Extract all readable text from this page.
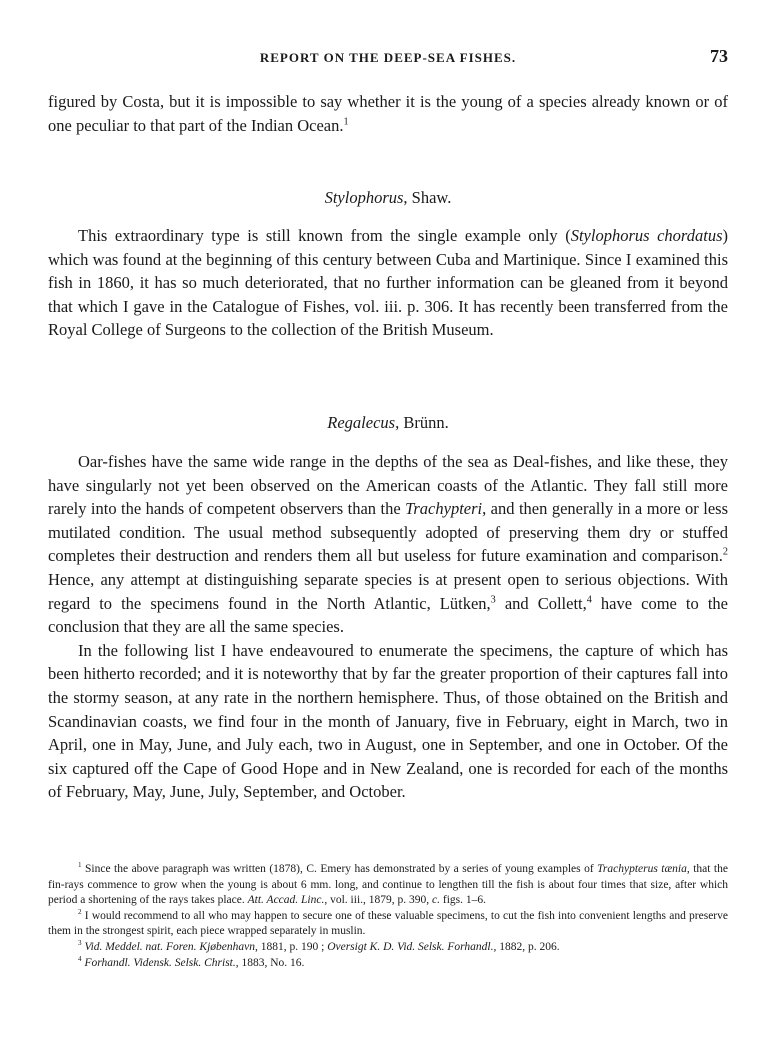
REPORT ON THE DEEP-SEA FISHES.	73

figured by Costa, but it is impossible to say whether it is the young of a species already known or of one peculiar to that part of the Indian Ocean.$^1$

Stylophorus, Shaw.

This extraordinary type is still known from the single example only (Stylophorus chordatus) which was found at the beginning of this century between Cuba and Martinique. Since I examined this fish in 1860, it has so much deteriorated, that no further information can be gleaned from it beyond that which I gave in the Catalogue of Fishes, vol. iii. p. 306. It has recently been transferred from the Royal College of Surgeons to the collection of the British Museum.

Regalecus, Brünn.

Oar-fishes have the same wide range in the depths of the sea as Deal-fishes, and like these, they have singularly not yet been observed on the American coasts of the Atlantic. They fall still more rarely into the hands of competent observers than the Trachypteri, and then generally in a more or less mutilated condition. The usual method subsequently adopted of preserving them dry or stuffed completes their destruction and renders them all but useless for future examination and comparison.$^2$ Hence, any attempt at distinguishing separate species is at present open to serious objections. With regard to the specimens found in the North Atlantic, Lütken,$^3$ and Collett,$^4$ have come to the conclusion that they are all the same species.

In the following list I have endeavoured to enumerate the specimens, the capture of which has been hitherto recorded; and it is noteworthy that by far the greater proportion of their captures fall into the stormy season, at any rate in the northern hemisphere. Thus, of those obtained on the British and Scandinavian coasts, we find four in the month of January, five in February, eight in March, two in April, one in May, June, and July each, two in August, one in September, and one in October. Of the six captured off the Cape of Good Hope and in New Zealand, one is recorded for each of the months of February, May, June, July, September, and October.

$^1$ Since the above paragraph was written (1878), C. Emery has demonstrated by a series of young examples of Trachypterus tænia, that the fin-rays commence to grow when the young is about 6 mm. long, and continue to lengthen till the fish is about four times that size, after which period a shortening of the rays takes place. Att. Accad. Linc., vol. iii., 1879, p. 390, c. figs. 1–6.

$^2$ I would recommend to all who may happen to secure one of these valuable specimens, to cut the fish into convenient lengths and preserve them in the strongest spirit, each piece wrapped separately in muslin.

$^3$ Vid. Meddel. nat. Foren. Kjøbenhavn, 1881, p. 190 ; Oversigt K. D. Vid. Selsk. Forhandl., 1882, p. 206.

$^4$ Forhandl. Vidensk. Selsk. Christ., 1883, No. 16.
